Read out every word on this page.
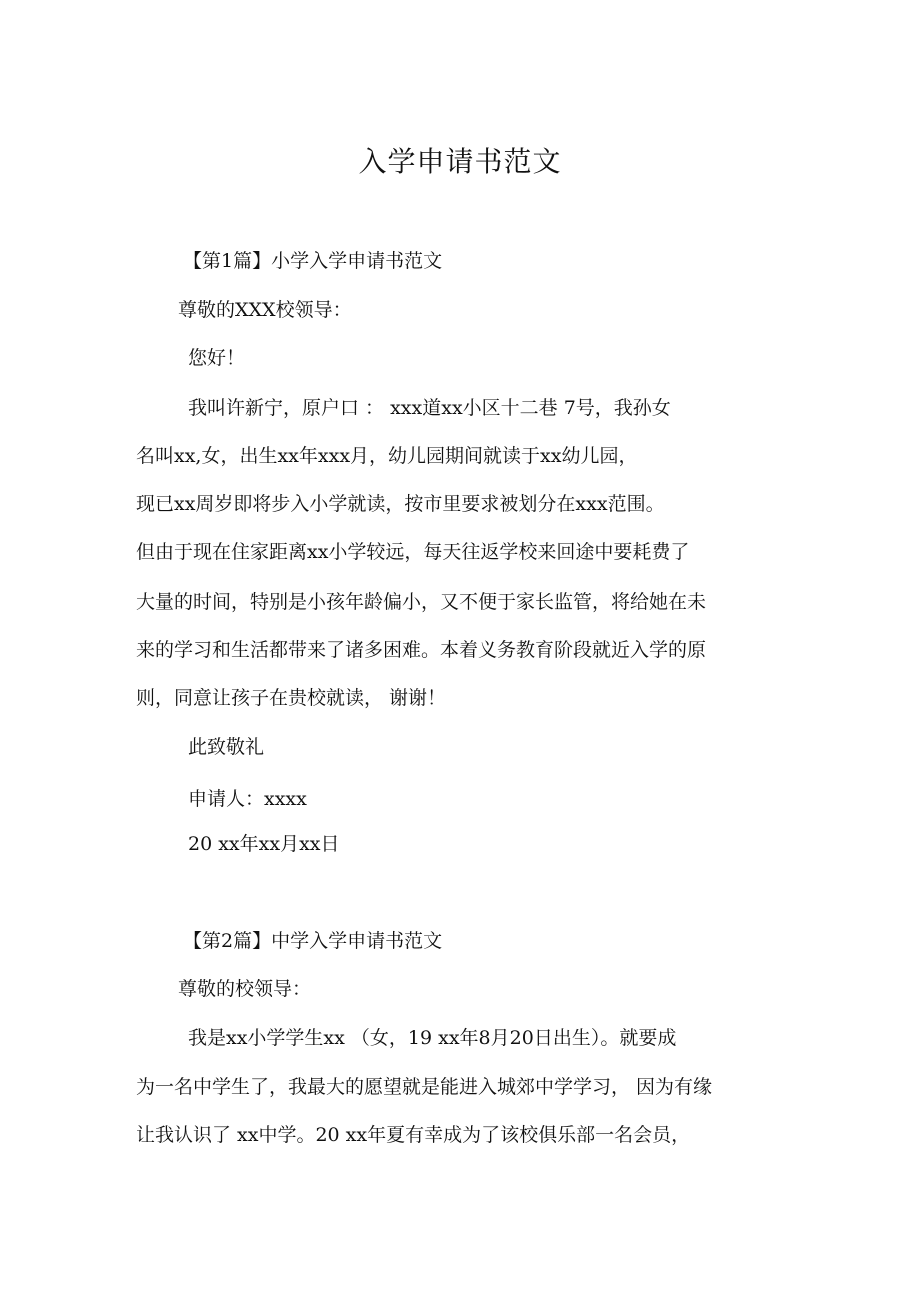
入学申请书范文
【第1篇】小学入学申请书范文
尊敬的XXX校领导：
您好！
我叫许新宁，原户口 ： xxx道xx小区十二巷 7号，我孙女
名叫xx,女，出生xx年xxx月，幼儿园期间就读于xx幼儿园，
现已xx周岁即将步入小学就读，按市里要求被划分在xxx范围。
但由于现在住家距离xx小学较远，每天往返学校来回途中要耗费了
大量的时间，特别是小孩年龄偏小，又不便于家长监管，将给她在未
来的学习和生活都带来了诸多困难。本着义务教育阶段就近入学的原
则，同意让孩子在贵校就读， 谢谢！
此致敬礼
申请人：xxxx
20 xx年xx月xx日
【第2篇】中学入学申请书范文
尊敬的校领导：
我是xx小学学生xx （女，19 xx年8月20日出生）。就要成
为一名中学生了，我最大的愿望就是能进入城郊中学学习， 因为有缘
让我认识了 xx中学。20 xx年夏有幸成为了该校俱乐部一名会员，
